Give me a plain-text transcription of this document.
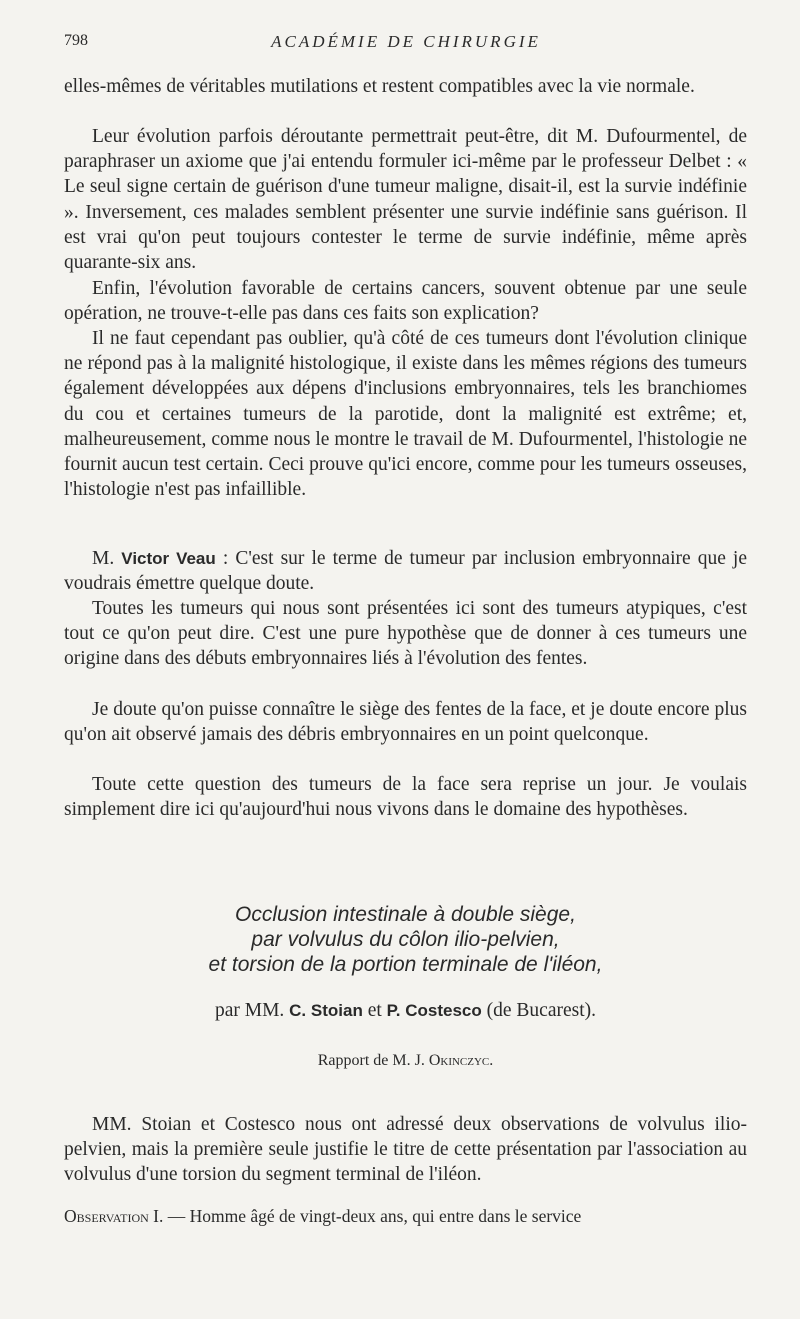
798	ACADÉMIE DE CHIRURGIE

elles-mêmes de véritables mutilations et restent compatibles avec la vie normale.

Leur évolution parfois déroutante permettrait peut-être, dit M. Dufourmentel, de paraphraser un axiome que j'ai entendu formuler ici-même par le professeur Delbet : « Le seul signe certain de guérison d'une tumeur maligne, disait-il, est la survie indéfinie ». Inversement, ces malades semblent présenter une survie indéfinie sans guérison. Il est vrai qu'on peut toujours contester le terme de survie indéfinie, même après quarante-six ans.

Enfin, l'évolution favorable de certains cancers, souvent obtenue par une seule opération, ne trouve-t-elle pas dans ces faits son explication?

Il ne faut cependant pas oublier, qu'à côté de ces tumeurs dont l'évolution clinique ne répond pas à la malignité histologique, il existe dans les mêmes régions des tumeurs également développées aux dépens d'inclusions embryonnaires, tels les branchiomes du cou et certaines tumeurs de la parotide, dont la malignité est extrême; et, malheureusement, comme nous le montre le travail de M. Dufourmentel, l'histologie ne fournit aucun test certain. Ceci prouve qu'ici encore, comme pour les tumeurs osseuses, l'histologie n'est pas infaillible.

M. Victor Veau : C'est sur le terme de tumeur par inclusion embryonnaire que je voudrais émettre quelque doute.

Toutes les tumeurs qui nous sont présentées ici sont des tumeurs atypiques, c'est tout ce qu'on peut dire. C'est une pure hypothèse que de donner à ces tumeurs une origine dans des débuts embryonnaires liés à l'évolution des fentes.

Je doute qu'on puisse connaître le siège des fentes de la face, et je doute encore plus qu'on ait observé jamais des débris embryonnaires en un point quelconque.

Toute cette question des tumeurs de la face sera reprise un jour. Je voulais simplement dire ici qu'aujourd'hui nous vivons dans le domaine des hypothèses.

Occlusion intestinale à double siège,
par volvulus du côlon ilio-pelvien,
et torsion de la portion terminale de l'iléon,
par MM. C. Stoian et P. Costesco (de Bucarest).
Rapport de M. J. Okinczyc.

MM. Stoian et Costesco nous ont adressé deux observations de volvulus ilio-pelvien, mais la première seule justifie le titre de cette présentation par l'association au volvulus d'une torsion du segment terminal de l'iléon.

Observation I. — Homme âgé de vingt-deux ans, qui entre dans le service
